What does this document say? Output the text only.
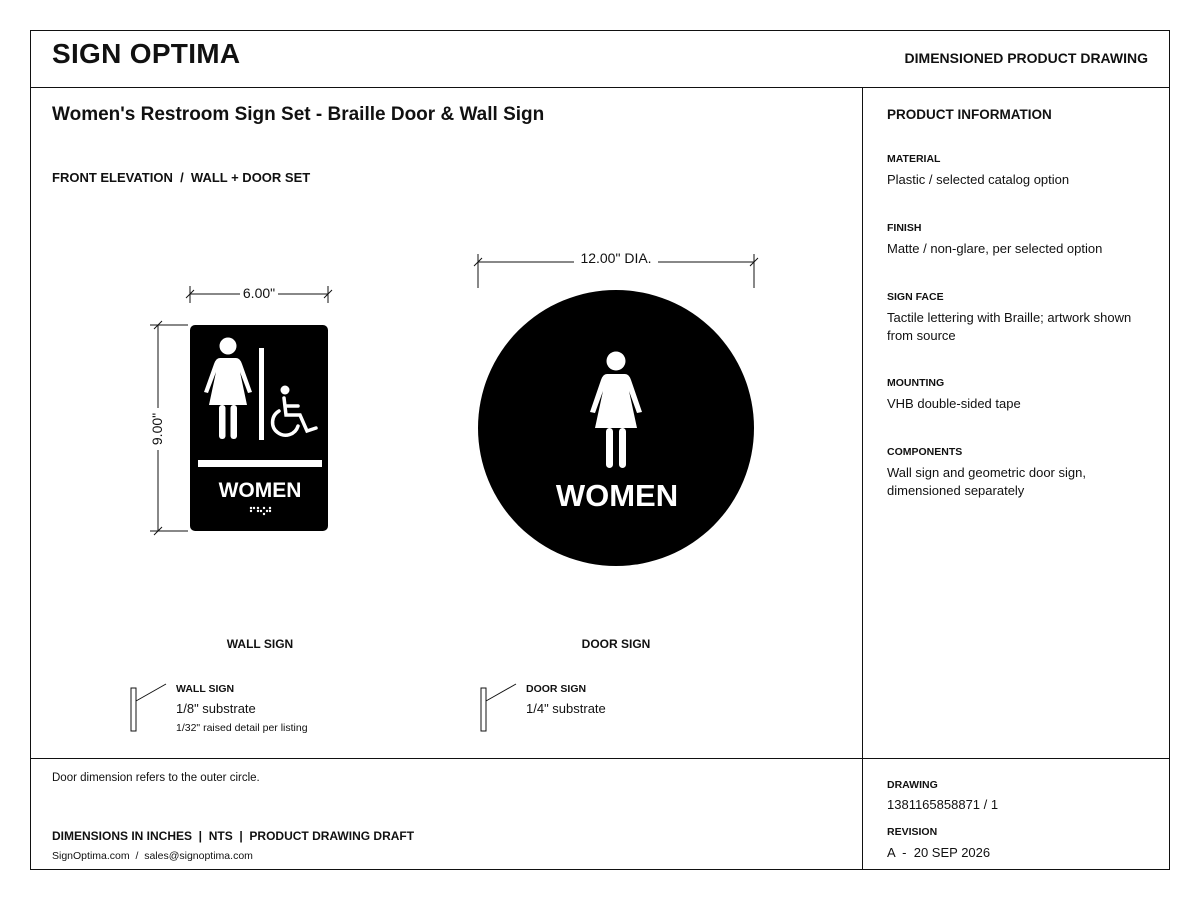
SIGN OPTIMA	DIMENSIONED PRODUCT DRAWING
Women's Restroom Sign Set - Braille Door & Wall Sign
FRONT ELEVATION  /  WALL + DOOR SET
6.00"
9.00"
12.00" DIA.
WOMEN	WOMEN
WALL SIGN	DOOR SIGN
WALL SIGN
1/8" substrate
1/32" raised detail per listing
DOOR SIGN
1/4" substrate
PRODUCT INFORMATION
MATERIAL
Plastic / selected catalog option
FINISH
Matte / non-glare, per selected option
SIGN FACE
Tactile lettering with Braille; artwork shown from source
MOUNTING
VHB double-sided tape
COMPONENTS
Wall sign and geometric door sign, dimensioned separately
Door dimension refers to the outer circle.
DIMENSIONS IN INCHES  |  NTS  |  PRODUCT DRAWING DRAFT
SignOptima.com  /  sales@signoptima.com
DRAWING
1381165858871 / 1
REVISION
A  -  20 SEP 2026
